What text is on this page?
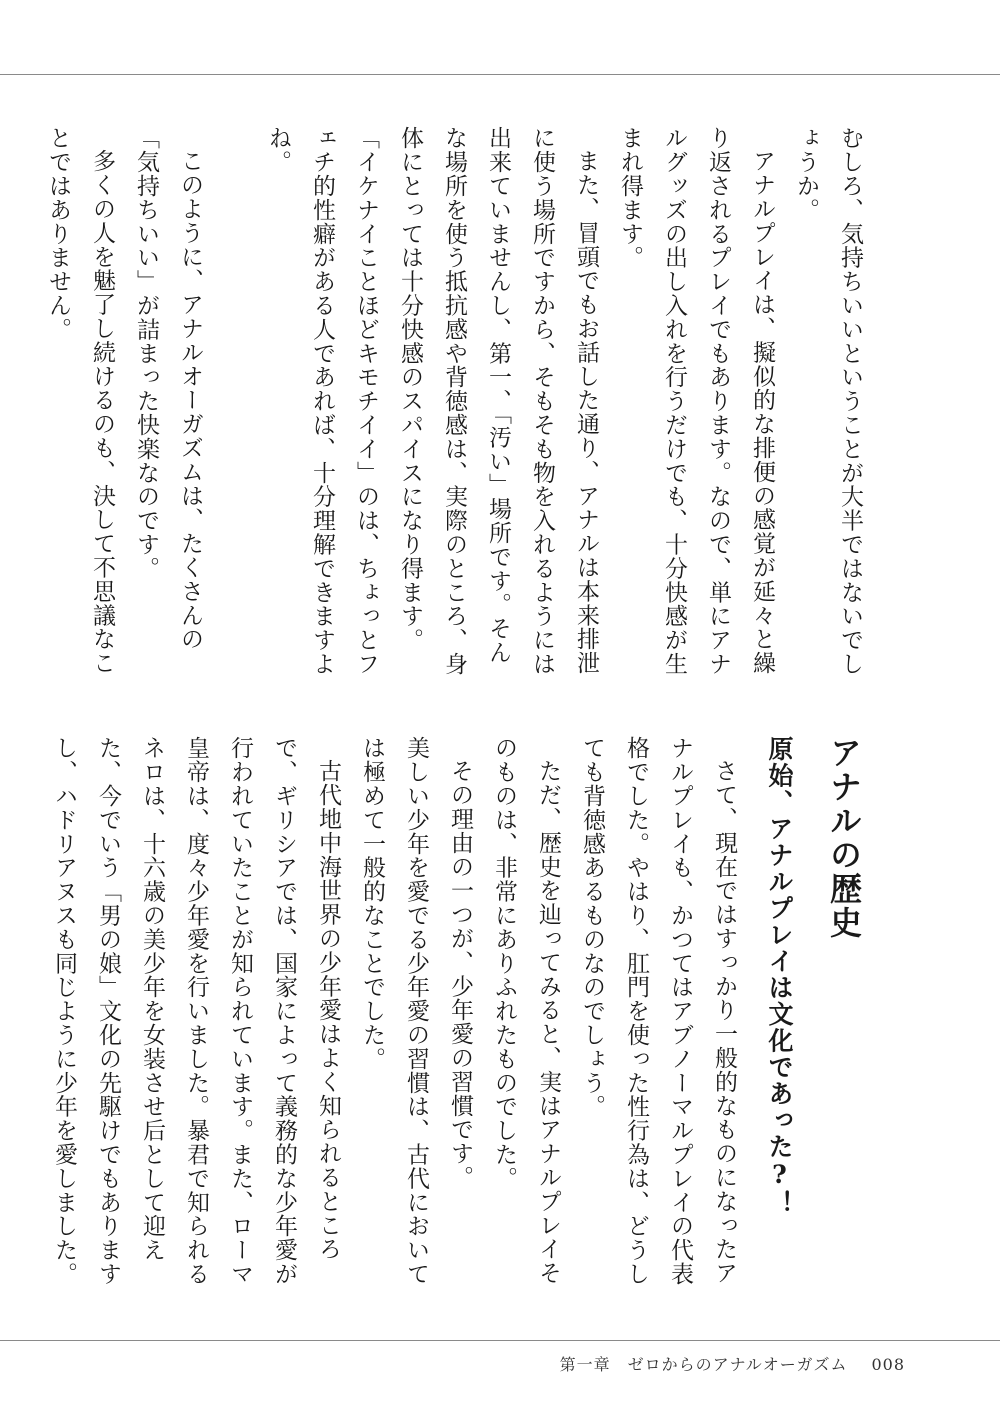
むしろ、気持ちいいということが大半ではないでしょうか。

アナルプレイは、擬似的な排便の感覚が延々と繰り返されるプレイでもあります。なので、単にアナルグッズの出し入れを行うだけでも、十分快感が生まれ得ます。

また、冒頭でもお話した通り、アナルは本来排泄に使う場所ですから、そもそも物を入れるようには出来ていませんし、第一、「汚い」場所です。そんな場所を使う抵抗感や背徳感は、実際のところ、身体にとっては十分快感のスパイスになり得ます。

「イケナイことほどキモチイイ」のは、ちょっとフェチ的性癖がある人であれば、十分理解できますよね。

このように、アナルオーガズムは、たくさんの「気持ちいい」が詰まった快楽なのです。

多くの人を魅了し続けるのも、決して不思議なことではありません。

アナルの歴史
原始、アナルプレイは文化であった?！

さて、現在ではすっかり一般的なものになったアナルプレイも、かつてはアブノーマルプレイの代表格でした。やはり、肛門を使った性行為は、どうしても背徳感あるものなのでしょう。

ただ、歴史を辿ってみると、実はアナルプレイそのものは、非常にありふれたものでした。

その理由の一つが、少年愛の習慣です。

美しい少年を愛でる少年愛の習慣は、古代においては極めて一般的なことでした。

古代地中海世界の少年愛はよく知られるところで、ギリシアでは、国家によって義務的な少年愛が行われていたことが知られています。また、ローマ皇帝は、度々少年愛を行いました。暴君で知られるネロは、十六歳の美少年を女装させ后として迎えた、今でいう「男の娘」文化の先駆けでもありますし、ハドリアヌスも同じように少年を愛しました。

第一章　ゼロからのアナルオーガズム 008
